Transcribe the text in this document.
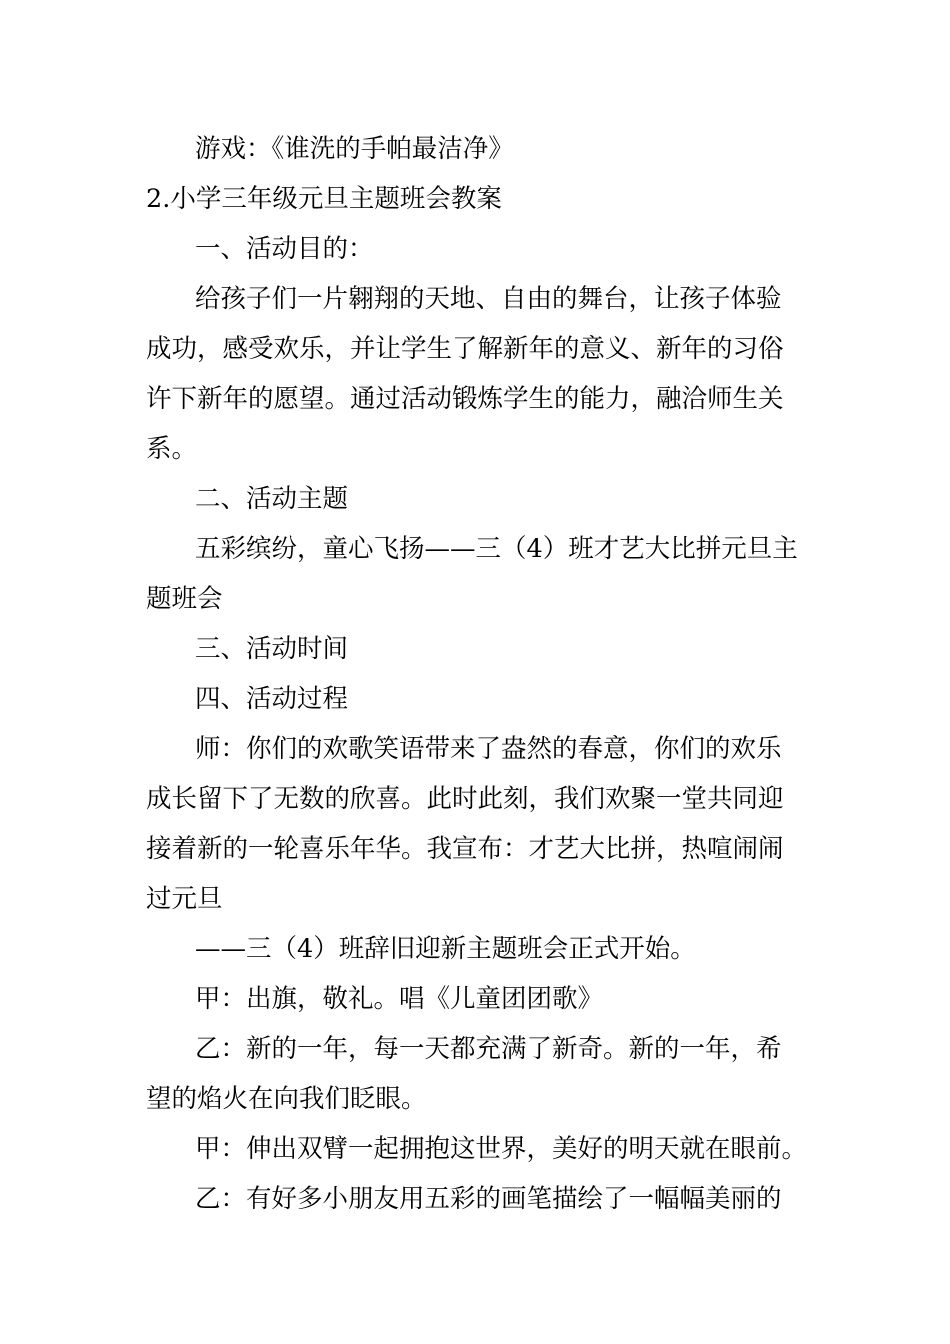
游戏：《谁洗的手帕最洁净》
2.小学三年级元旦主题班会教案
一、活动目的：
给孩子们一片翱翔的天地、自由的舞台，让孩子体验
成功，感受欢乐，并让学生了解新年的意义、新年的习俗
许下新年的愿望。通过活动锻炼学生的能力，融洽师生关
系。
二、活动主题
五彩缤纷，童心飞扬——三（4）班才艺大比拼元旦主
题班会
三、活动时间
四、活动过程
师：你们的欢歌笑语带来了盎然的春意，你们的欢乐
成长留下了无数的欣喜。此时此刻，我们欢聚一堂共同迎
接着新的一轮喜乐年华。我宣布：才艺大比拼，热喧闹闹
过元旦
——三（4）班辞旧迎新主题班会正式开始。
甲：出旗，敬礼。唱《儿童团团歌》
乙：新的一年，每一天都充满了新奇。新的一年，希
望的焰火在向我们眨眼。
甲：伸出双臂一起拥抱这世界，美好的明天就在眼前。
乙：有好多小朋友用五彩的画笔描绘了一幅幅美丽的
